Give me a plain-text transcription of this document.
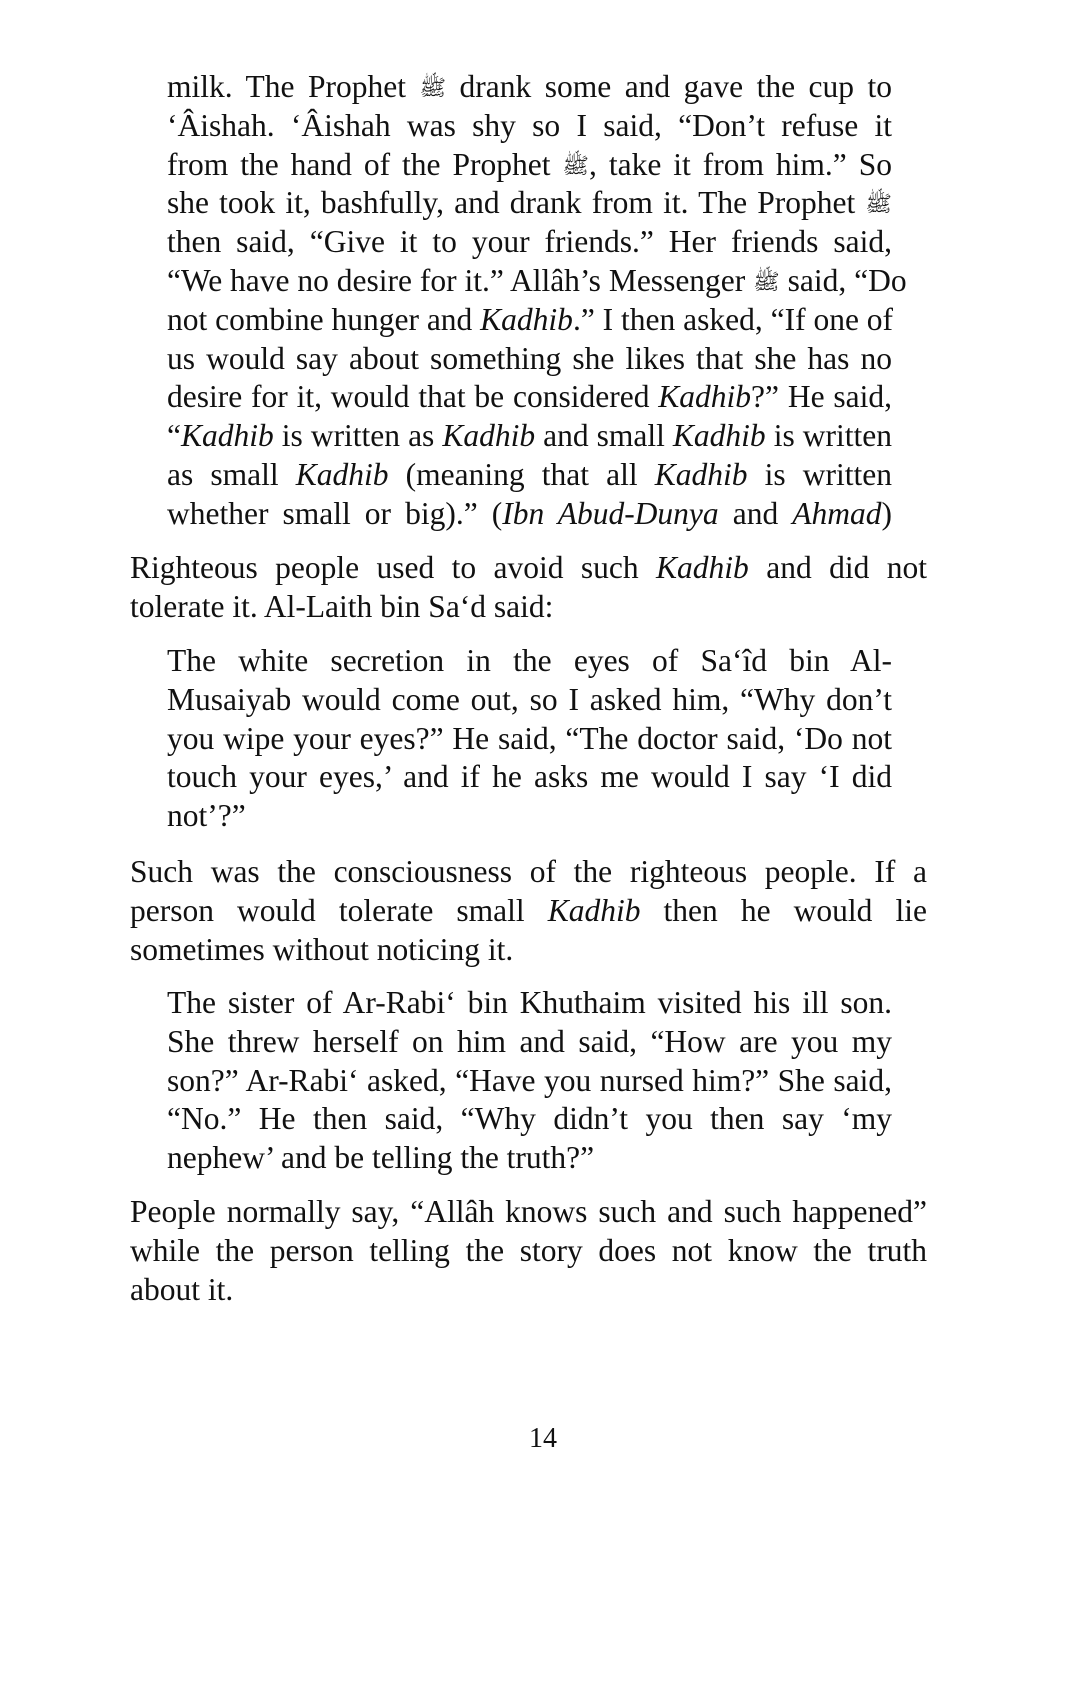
milk. The Prophet ﷺ drank some and gave the cup to
‘Âishah. ‘Âishah was shy so I said, “Don’t refuse it
from the hand of the Prophet ﷺ, take it from him.” So
she took it, bashfully, and drank from it. The Prophet ﷺ
then said, “Give it to your friends.” Her friends said,
“We have no desire for it.” Allâh’s Messenger ﷺ said, “Do
not combine hunger and Kadhib.” I then asked, “If one of
us would say about something she likes that she has no
desire for it, would that be considered Kadhib?” He said,
“Kadhib is written as Kadhib and small Kadhib is written
as small Kadhib (meaning that all Kadhib is written
whether small or big).” (Ibn Abud-Dunya and Ahmad)
Righteous people used to avoid such Kadhib and did not
tolerate it. Al-Laith bin Sa‘d said:
The white secretion in the eyes of Sa‘îd bin Al-
Musaiyab would come out, so I asked him, “Why don’t
you wipe your eyes?” He said, “The doctor said, ‘Do not
touch your eyes,’ and if he asks me would I say ‘I did
not’?”
Such was the consciousness of the righteous people. If a
person would tolerate small Kadhib then he would lie
sometimes without noticing it.
The sister of Ar-Rabi‘ bin Khuthaim visited his ill son.
She threw herself on him and said, “How are you my
son?” Ar-Rabi‘ asked, “Have you nursed him?” She said,
“No.” He then said, “Why didn’t you then say ‘my
nephew’ and be telling the truth?”
People normally say, “Allâh knows such and such happened”
while the person telling the story does not know the truth
about it.
14
